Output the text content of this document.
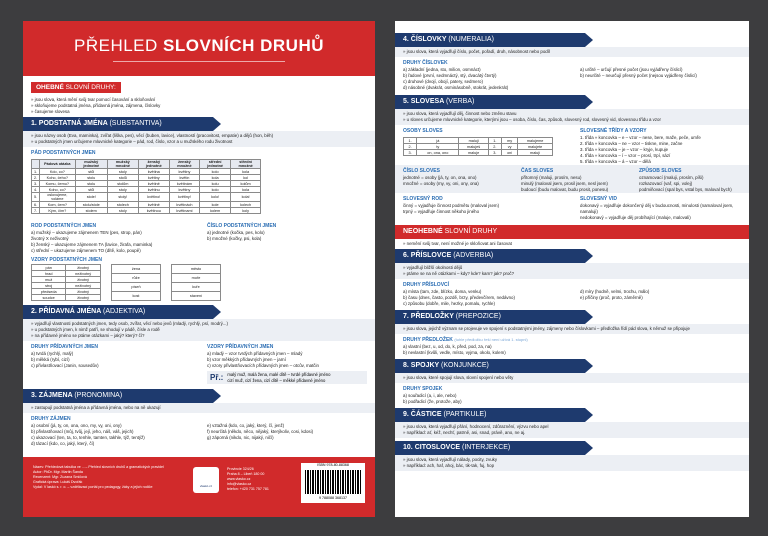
PŘEHLED SLOVNÍCH DRUHŮ
OHEBNÉ SLOVNÍ DRUHY:
» jsou slova, která mění svůj tvar pomocí časování a skloňování
» skloňujeme podstatná jména, přídavná jména, zájmena, číslovky
» časujeme slovesa
1. PODSTATNÁ JMÉNA (SUBSTANTIVA)
» jsou názvy osob (Eva, maminka), zvířat (liška, pes), věcí (buben, lavice), vlastností (pracovitost, empatie) a dějů (hon, běh)
» u podstatných jmen určujeme mluvnické kategorie – pád, rod, číslo, vzor a u mužského rodu životnost
PÁD PODSTATNÝCH JMEN
	Pádová otázka	mužský jednotné	mužský množné	ženský jednotné	ženský množné	střední jednotné	střední množné
1.	Kdo, co?	stůl	stoly	květina	květiny	kolo	kola
2.	Koho, čeho?	stolu	stolů	květiny	květin	kola	kol
3.	Komu, čemu?	stolu	stolům	květině	květinám	kolu	kolům
4.	Koho, co?	stůl	stoly	květinu	květiny	kolo	kola
5.	oslovujeme, voláme	stole!	stoly!	květino!	květiny!	kolo!	kola!
6.	Kom, čem?	stolu/stole	stolech	květině	květinách	kole	kolech
7.	Kým, čím?	stolem	stoly	květinou	květinami	kolem	koly
ROD PODSTATNÝCH JMEN
a) mužský – ukazujeme zájmenem TEN (pes, strop, pán)
životný X neživotný
b) ženský – ukazujeme zájmenem TA (lavice, žirafa, maminka)
c) střední – ukazujeme zájmenem TO (dítě, kolo, poupě)
ČÍSLO PODSTATNÝCH JMEN
a) jednotné (kočka, pes, kolo)
b) množné (kočky, psi, kola)
VZORY PODSTATNÝCH JMEN
pán	životný
hrad	neživotný
muž	životný
stroj	neživotný
předseda	životný
soudce	životný
žena
růže
píseň
kost
město
moře
kuře
stavení
2. PŘÍDAVNÁ JMÉNA (ADJEKTIVA)
» vyjadřují vlastnosti podstatných jmen, tedy osob, zvířat, věcí nebo jevů (mladý, rychlý, psí, modrý...)
» u podstatných jmen, k nimž patří, se shodují v pádě, čísle a rodě
» na přídavné jméno se ptáme otázkami – jaký? který? čí?
DRUHY PŘÍDAVNÝCH JMEN
a) tvrdá (rychlý, malý)
b) měkká (rybí, cizí)
c) přivlastňovací (Janin, sousedův)
VZORY PŘÍDAVNÝCH JMEN
a) mladý – vzor tvrdých přídavných jmen – mladý
b) vzor měkkých přídavných jmen – jarní
c) vzory přivlastňovacích přídavných jmen – otcův, matčin
Př.: malý muž, malá žena, malé dítě – tvrdé přídavné jméno
cizí muž, cizí žena, cizí dítě – měkké přídavné jméno
3. ZÁJMENA (PRONOMINA)
» zastupují podstatná jména a přídavná jména, nebo na ně ukazují
DRUHY ZÁJMEN
a) osobní (já, ty, on, ona, ono, my, vy, oni, ony)
b) přivlastňovací (můj, tvůj, její, jeho, náš, váš, jejich)
c) ukazovací (ten, ta, to, tenhle, tamten, takhle, týž, tentýž)
d) tázací (kdo, co, jaký, který, čí)
e) vztažná (kdo, co, jaký, který, čí, jenž)
f) neurčitá (někdo, něco, nějaký, kterýkoliv, cosi, kdosi)
g) záporná (nikdo, nic, nijaký, ničí)
Název: Přehledová tabulka ve …– Přehled slovních druhů a gramatických pravidel
Autor: PhDr. Mgr. Martin Šanda
Recenzent: Mgr. Zuzana Smičová
Grafická úprava: Lukáš Dvořák
Vydal: V laskó s. r. o. – vzdělávací portál pro pedagogy, žáky a jejich rodiče	vlaskó.cz
Provincie 324/26
Praha 8 – Libeň 180 00
www.vlasko.cz
info@vlasko.cz
telefon: +420 731 757 781
ISBN 978-80-88368
9 788088 368137
4. ČÍSLOVKY (NUMERALIA)
» jsou slova, která vyjadřují číslo, počet, pořadí, druh, násobnost nebo podíl
DRUHY ČÍSLOVEK
a) základní (jedna, sto, milion, osmnáct)
b) řadové (první, sedmnáctý, stý, dvacátý čtvrtý)
c) druhové (dvojí, obojí, patery, sedmero)
d) násobné (dvakrát, osminásobně, stokrát, jedenkrát)
a) určité – určují přesné počet (jsou vyjádřeny číslicí)
b) neurčité – neurčují přesný počet (nejsou vyjádřeny číslicí)
5. SLOVESA (VERBA)
» jsou slova, která vyjadřují děj, činnost nebo změnu stavu
» u sloves určujeme mluvnické kategorie, kterými jsou – osoba, číslo, čas, způsob, slovesný rod, slovesný vid, slovesnou třídu a vzor
OSOBY SLOVES
1.	já	maluji	1.	my	malujeme
2.	ty	maluješ	2.	vy	malujete
3.	on, ona, ono	maluje	3.	oni	malují
SLOVESNÉ TŘÍDY A VZORY
1. třída » koncovka – e – vzor – nese, bere, maže, peče, umře
2. třída » koncovka – ne – vzor – tiskne, mine, začne
3. třída » koncovka – je – vzor – kryje, kupuje
4. třída » koncovka – í – vzor – prosí, trpí, sází
5. třída » koncovka – á – vzor – dělá
ČÍSLO SLOVES
jednotné = osoby (já, ty, on, ona, ono)
množné = osoby (my, vy, oni, ony, ona)
ČAS SLOVES
přítomný (maluji, prosím, nesu)
minulý (maloval jsem, prosil jsem, nesl jsem)
budoucí (budu malovat, budu prosit, ponesu)
ZPŮSOB SLOVES
oznamovací (maluji, prosím, píši)
rozkazovací (vař, spi, volej)
podmiňovací (spal bys, vstal bys, maloval bych)
SLOVESNÝ ROD
činný = vyjadřuje činnost podmětu (maloval jsem)
trpný = vyjadřuje činnost někoho jiného
SLOVESNÝ VID
dokonavý = vyjadřuje dokončený děj v budoucnosti, minulosti (namaloval jsem, namaluji)
nedokonavý = vyjadřuje děj probíhající (maluje, malovali)
NEOHEBNÉ SLOVNÍ DRUHY
» nemění svůj tvar, není možné je skloňovat ani časovat
6. PŘÍSLOVCE (ADVERBIA)
» vyjadřují bližší okolnosti dějů
» ptáme se na ně otázkami – kdy? kde? kam? jak? proč?
DRUHY PŘÍSLOVCÍ
a) místa (tam, zde, blízko, doma, venku)
b) času (dnes, často, pozdě, brzy, předevčírem, nedávno)
c) způsobu (dobře, mile, hezky, pomalu, rychle)
d) míry (hodně, velmi, trochu, málo)
e) příčiny (proč, proto, záměrně)
7. PŘEDLOŽKY (PREPOZICE)
» jsou slova, jejichž význam se projevuje ve spojení s podstatnými jmény, zájmeny nebo číslovkami – předložka řídí pád slova, k němuž se připojuje
DRUHY PŘEDLOŽEK (tuhle předložku řeší není užívá 1. stupni)
a) vlastní (bez, u, od, do, k, před, pod, za, na)
b) nevlastní (kvůli, vedle, místo, vyjma, okolo, kolem)
8. SPOJKY (KONJUNKCE)
» jsou slova, které spojují slova, slovní spojení nebo věty
DRUHY SPOJEK
a) souřadicí (a, i, ale, nebo)
b) podřadicí (že, protože, aby)
9. ČÁSTICE (PARTIKULE)
» jsou slova, která vyjadřují přání, hodnocení, zdůraznění, výzvu nebo apel
» například: ať, kéž, nechť, patrně, asi, snad, právě, ano, ne aj.
10. CITOSLOVCE (INTERJEKCE)
» jsou slova, která vyjadřují nálady, pocity, zvuky
» například: ach, haf, ahoj, bác, tik-tak, fuj, hop
